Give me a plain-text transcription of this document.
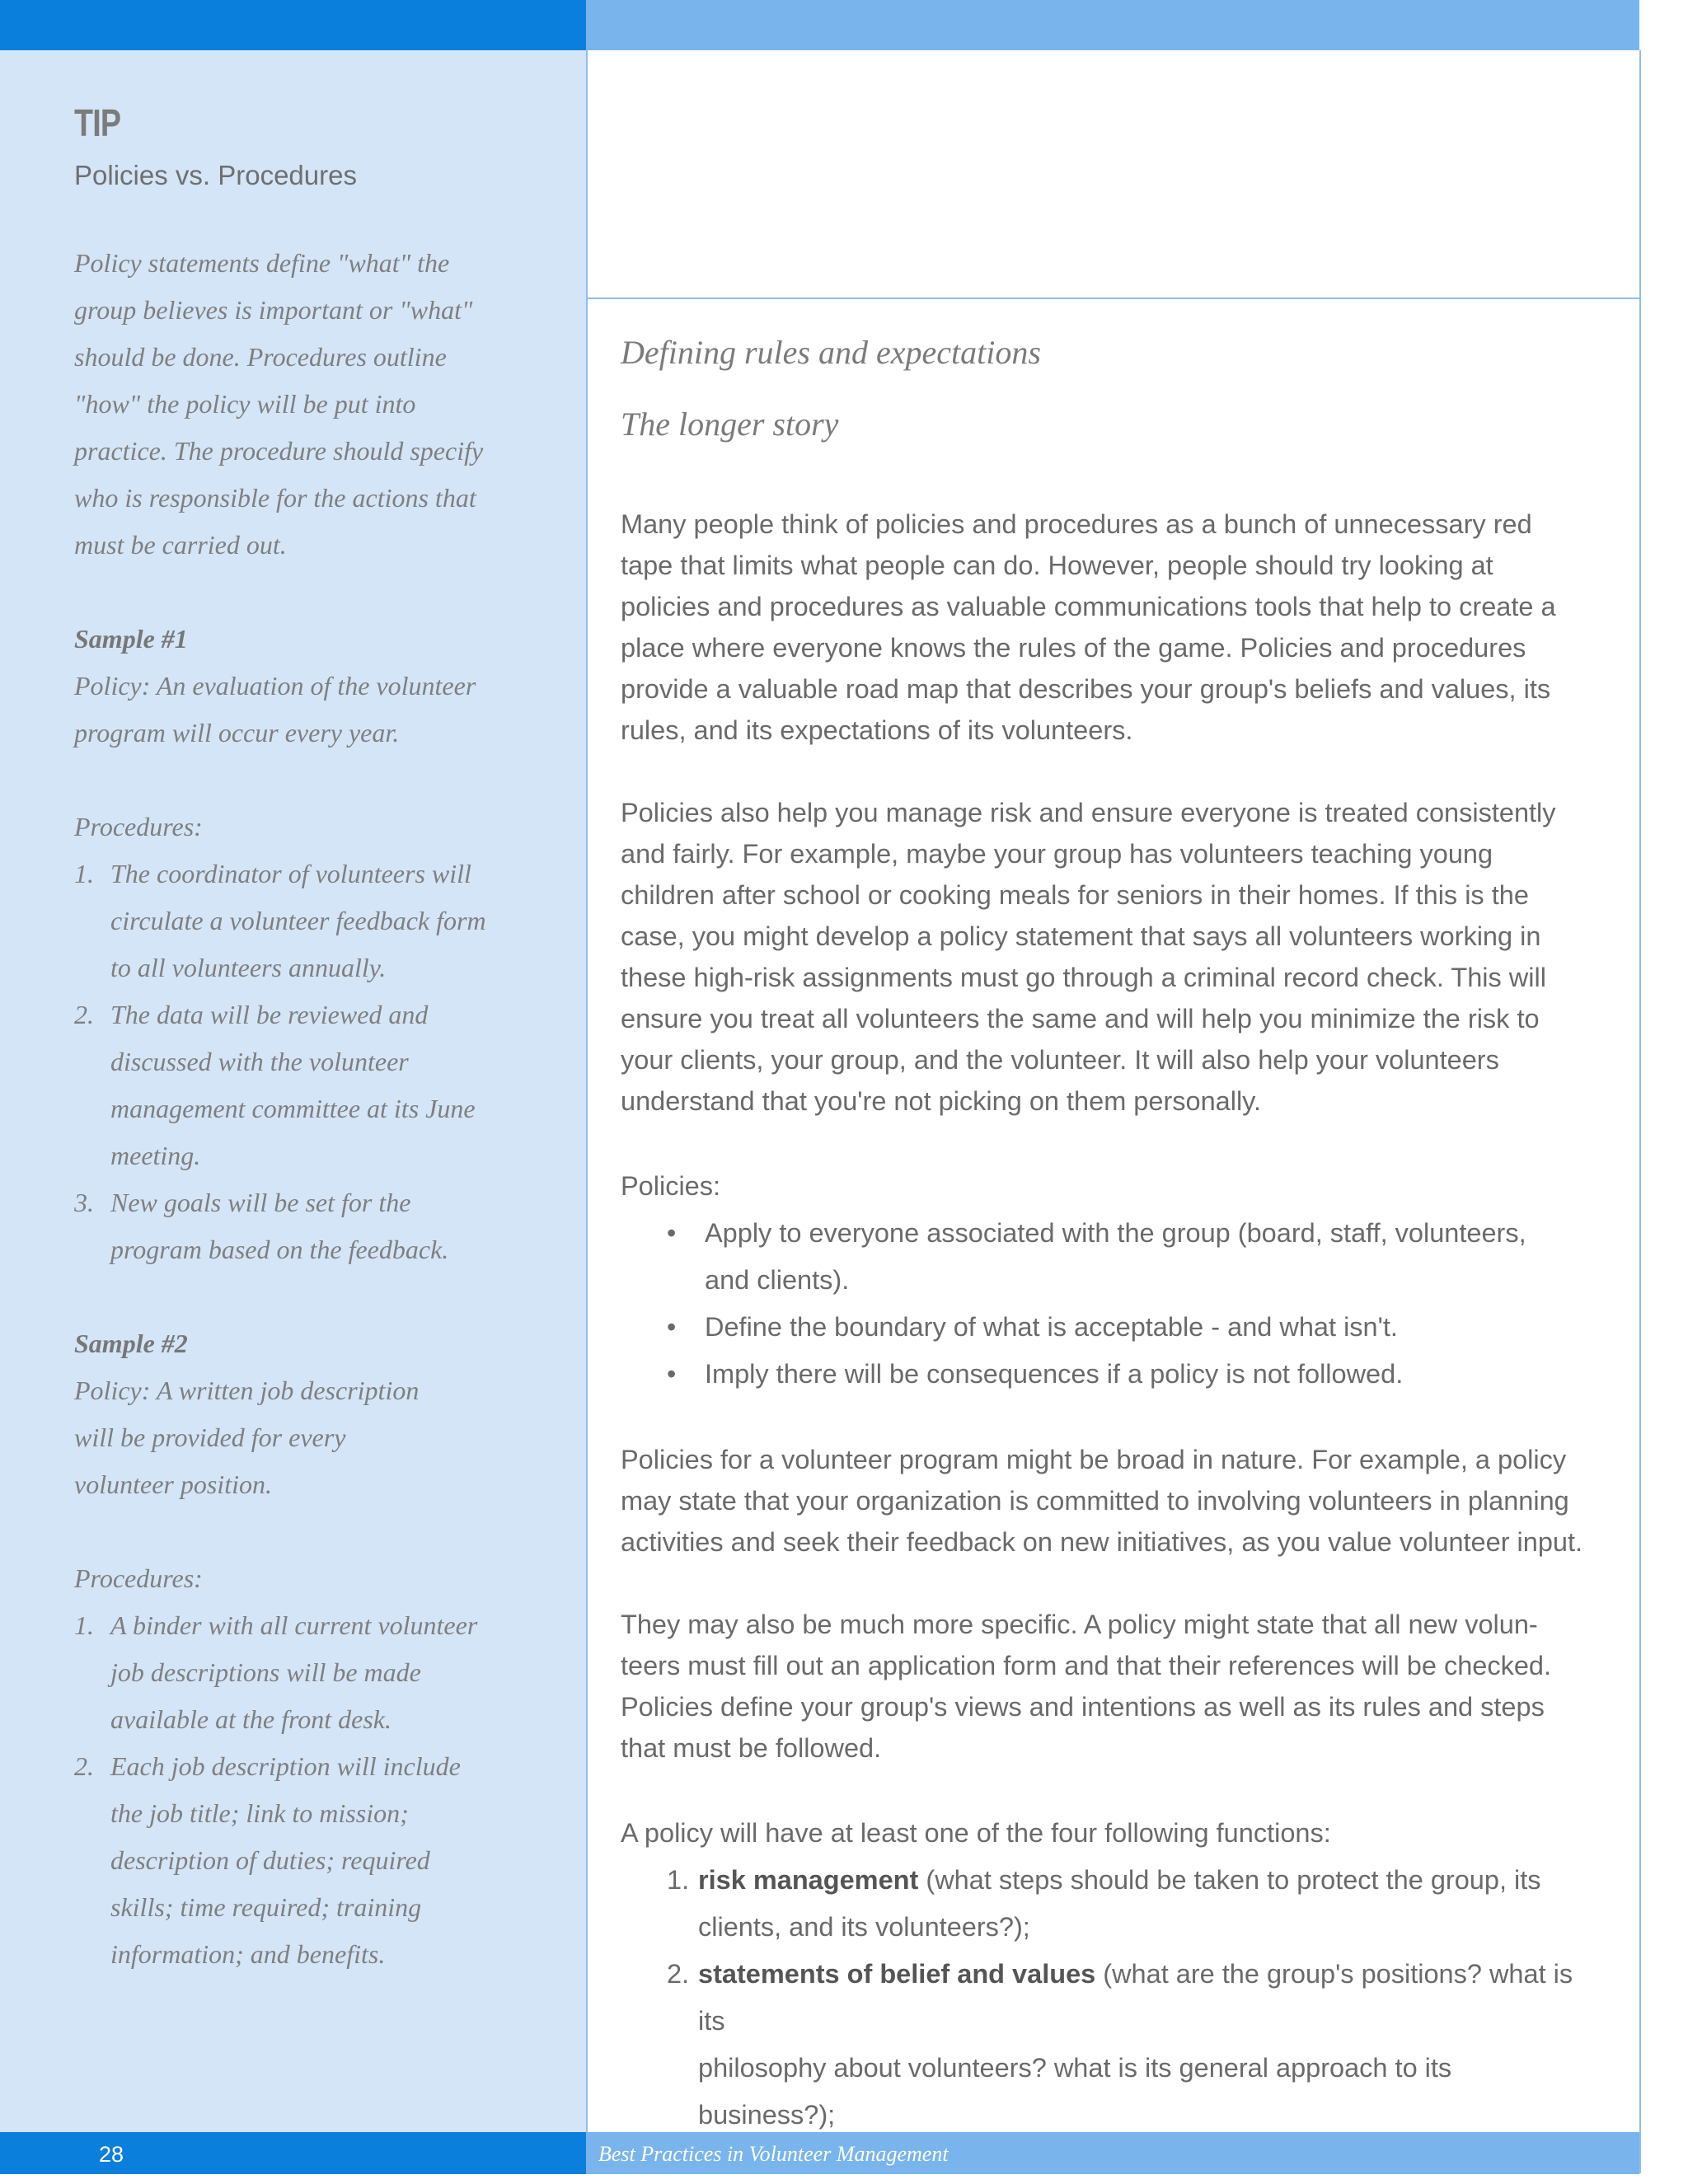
TIP
Policies vs. Procedures

Policy statements define "what" the

group believes is important or "what"

should be done. Procedures outline

"how" the policy will be put into

practice. The procedure should specify

who is responsible for the actions that

must be carried out.

Sample #1

Policy: An evaluation of the volunteer

program will occur every year.

Procedures:

1. The coordinator of volunteers will
circulate a volunteer feedback form
to all volunteers annually.
2. The data will be reviewed and
discussed with the volunteer
management committee at its June
meeting.
3. New goals will be set for the
program based on the feedback.

Sample #2

Policy: A written job description

will be provided for every

volunteer position.

Procedures:

1. A binder with all current volunteer
job descriptions will be made
available at the front desk.
2. Each job description will include
the job title; link to mission;
description of duties; required
skills; time required; training
information; and benefits.
Defining rules and expectations
The longer story

Many people think of policies and procedures as a bunch of unnecessary red

tape that limits what people can do. However, people should try looking at

policies and procedures as valuable communications tools that help to create a

place where everyone knows the rules of the game. Policies and procedures

provide a valuable road map that describes your group's beliefs and values, its

rules, and its expectations of its volunteers.

Policies also help you manage risk and ensure everyone is treated consistently

and fairly. For example, maybe your group has volunteers teaching young

children after school or cooking meals for seniors in their homes. If this is the

case, you might develop a policy statement that says all volunteers working in

these high-risk assignments must go through a criminal record check. This will

ensure you treat all volunteers the same and will help you minimize the risk to

your clients, your group, and the volunteer. It will also help your volunteers

understand that you're not picking on them personally.

Policies:

• Apply to everyone associated with the group (board, staff, volunteers,
and clients).
• Define the boundary of what is acceptable - and what isn't.
• Imply there will be consequences if a policy is not followed.

Policies for a volunteer program might be broad in nature. For example, a policy

may state that your organization is committed to involving volunteers in planning

activities and seek their feedback on new initiatives, as you value volunteer input.

They may also be much more specific. A policy might state that all new volun-

teers must fill out an application form and that their references will be checked.

Policies define your group's views and intentions as well as its rules and steps

that must be followed.

A policy will have at least one of the four following functions:

1. risk management (what steps should be taken to protect the group, its
clients, and its volunteers?);
2. statements of belief and values (what are the group's positions? what is its
philosophy about volunteers? what is its general approach to its
business?);
28	Best Practices in Volunteer Management
